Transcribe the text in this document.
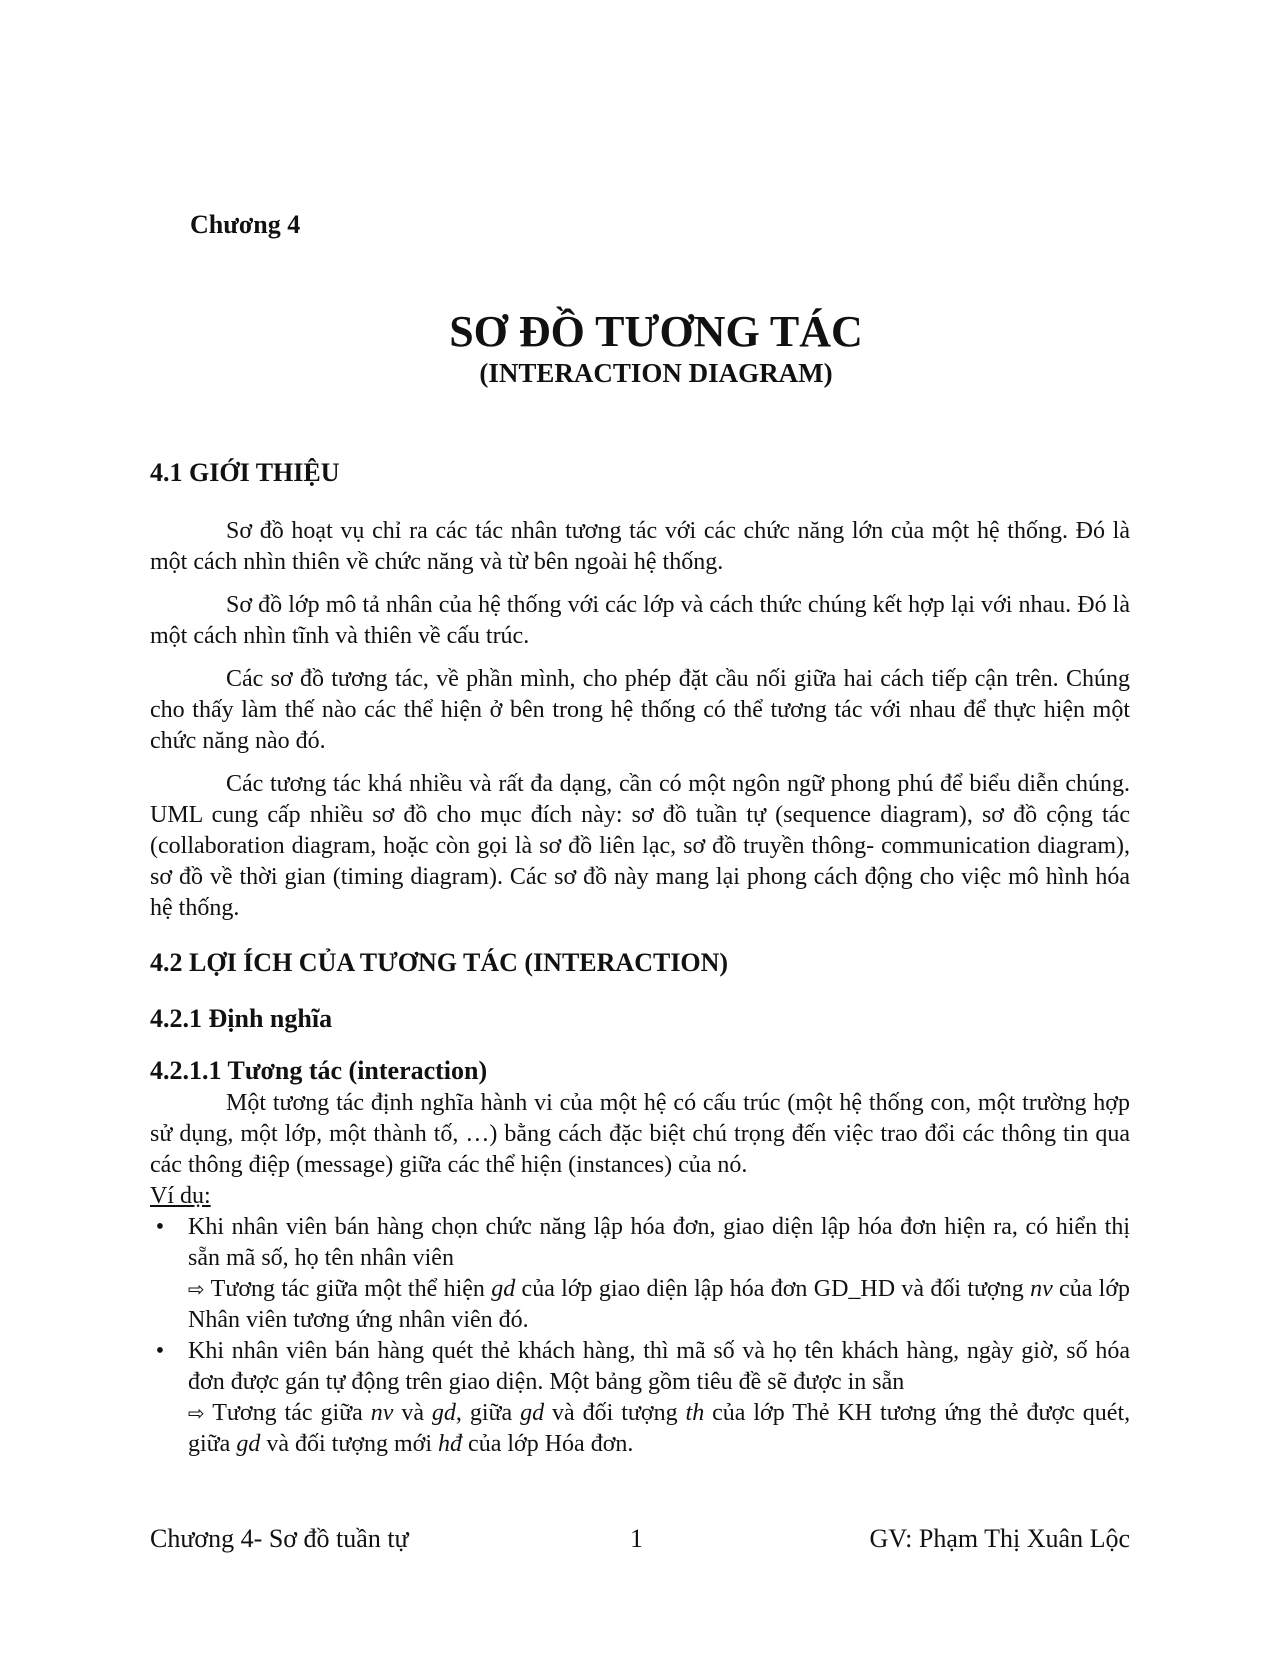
Chương 4
SƠ ĐỒ TƯƠNG TÁC
(INTERACTION DIAGRAM)
4.1 GIỚI THIỆU

Sơ đồ hoạt vụ chỉ ra các tác nhân tương tác với các chức năng lớn của một hệ thống. Đó là một cách nhìn thiên về chức năng và từ bên ngoài hệ thống.

Sơ đồ lớp mô tả nhân của hệ thống với các lớp và cách thức chúng kết hợp lại với nhau. Đó là một cách nhìn tĩnh và thiên về cấu trúc.

Các sơ đồ tương tác, về phần mình, cho phép đặt cầu nối giữa hai cách tiếp cận trên. Chúng cho thấy làm thế nào các thể hiện ở bên trong hệ thống có thể tương tác với nhau để thực hiện một chức năng nào đó.

Các tương tác khá nhiều và rất đa dạng, cần có một ngôn ngữ phong phú để biểu diễn chúng. UML cung cấp nhiều sơ đồ cho mục đích này: sơ đồ tuần tự (sequence diagram), sơ đồ cộng tác (collaboration diagram, hoặc còn gọi là sơ đồ liên lạc, sơ đồ truyền thông- communication diagram), sơ đồ về thời gian (timing diagram). Các sơ đồ này mang lại phong cách động cho việc mô hình hóa hệ thống.

4.2 LỢI ÍCH CỦA TƯƠNG TÁC (INTERACTION)
4.2.1 Định nghĩa
4.2.1.1 Tương tác (interaction)

Một tương tác định nghĩa hành vi của một hệ có cấu trúc (một hệ thống con, một trường hợp sử dụng, một lớp, một thành tố, …) bằng cách đặc biệt chú trọng đến việc trao đổi các thông tin qua các thông điệp (message) giữa các thể hiện (instances) của nó.

Ví dụ:
• Khi nhân viên bán hàng chọn chức năng lập hóa đơn, giao diện lập hóa đơn hiện ra, có hiển thị sẵn mã số, họ tên nhân viên

⇨ Tương tác giữa một thể hiện gd của lớp giao diện lập hóa đơn GD_HD và đối tượng nv của lớp Nhân viên tương ứng nhân viên đó.

• Khi nhân viên bán hàng quét thẻ khách hàng, thì mã số và họ tên khách hàng, ngày giờ, số hóa đơn được gán tự động trên giao diện. Một bảng gồm tiêu đề sẽ được in sẵn

⇨ Tương tác giữa nv và gd, giữa gd và đối tượng th của lớp Thẻ KH tương ứng thẻ được quét, giữa gd và đối tượng mới hđ của lớp Hóa đơn.

Chương 4- Sơ đồ tuần tự	1	GV: Phạm Thị Xuân Lộc
